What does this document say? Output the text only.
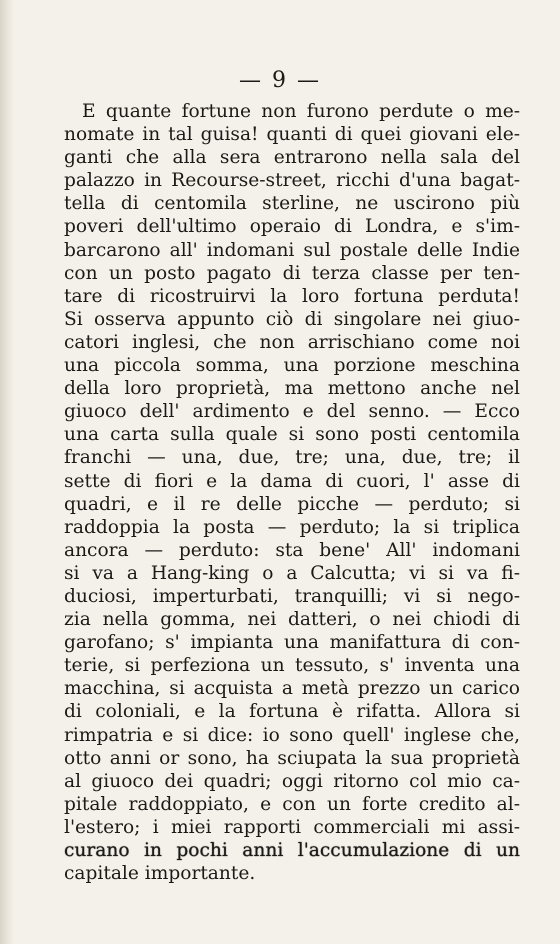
— 9 —
E quante fortune non furono perdute o me-
nomate in tal guisa! quanti di quei giovani ele-
ganti che alla sera entrarono nella sala del
palazzo in Recourse-street, ricchi d'una bagat-
tella di centomila sterline, ne uscirono più
poveri dell'ultimo operaio di Londra, e s'im-
barcarono all' indomani sul postale delle Indie
con un posto pagato di terza classe per ten-
tare di ricostruirvi la loro fortuna perduta!
Si osserva appunto ciò di singolare nei giuo-
catori inglesi, che non arrischiano come noi
una piccola somma, una porzione meschina
della loro proprietà, ma mettono anche nel
giuoco dell' ardimento e del senno. — Ecco
una carta sulla quale si sono posti centomila
franchi — una, due, tre; una, due, tre; il
sette di fiori e la dama di cuori, l' asse di
quadri, e il re delle picche — perduto; si
raddoppia la posta — perduto; la si triplica
ancora — perduto: sta bene' All' indomani
si va a Hang-king o a Calcutta; vi si va fi-
duciosi, imperturbati, tranquilli; vi si nego-
zia nella gomma, nei datteri, o nei chiodi di
garofano; s' impianta una manifattura di con-
terie, si perfeziona un tessuto, s' inventa una
macchina, si acquista a metà prezzo un carico
di coloniali, e la fortuna è rifatta. Allora si
rimpatria e si dice: io sono quell' inglese che,
otto anni or sono, ha sciupata la sua proprietà
al giuoco dei quadri; oggi ritorno col mio ca-
pitale raddoppiato, e con un forte credito al-
l'estero; i miei rapporti commerciali mi assi-
curano in pochi anni l'accumulazione di un
capitale importante.
